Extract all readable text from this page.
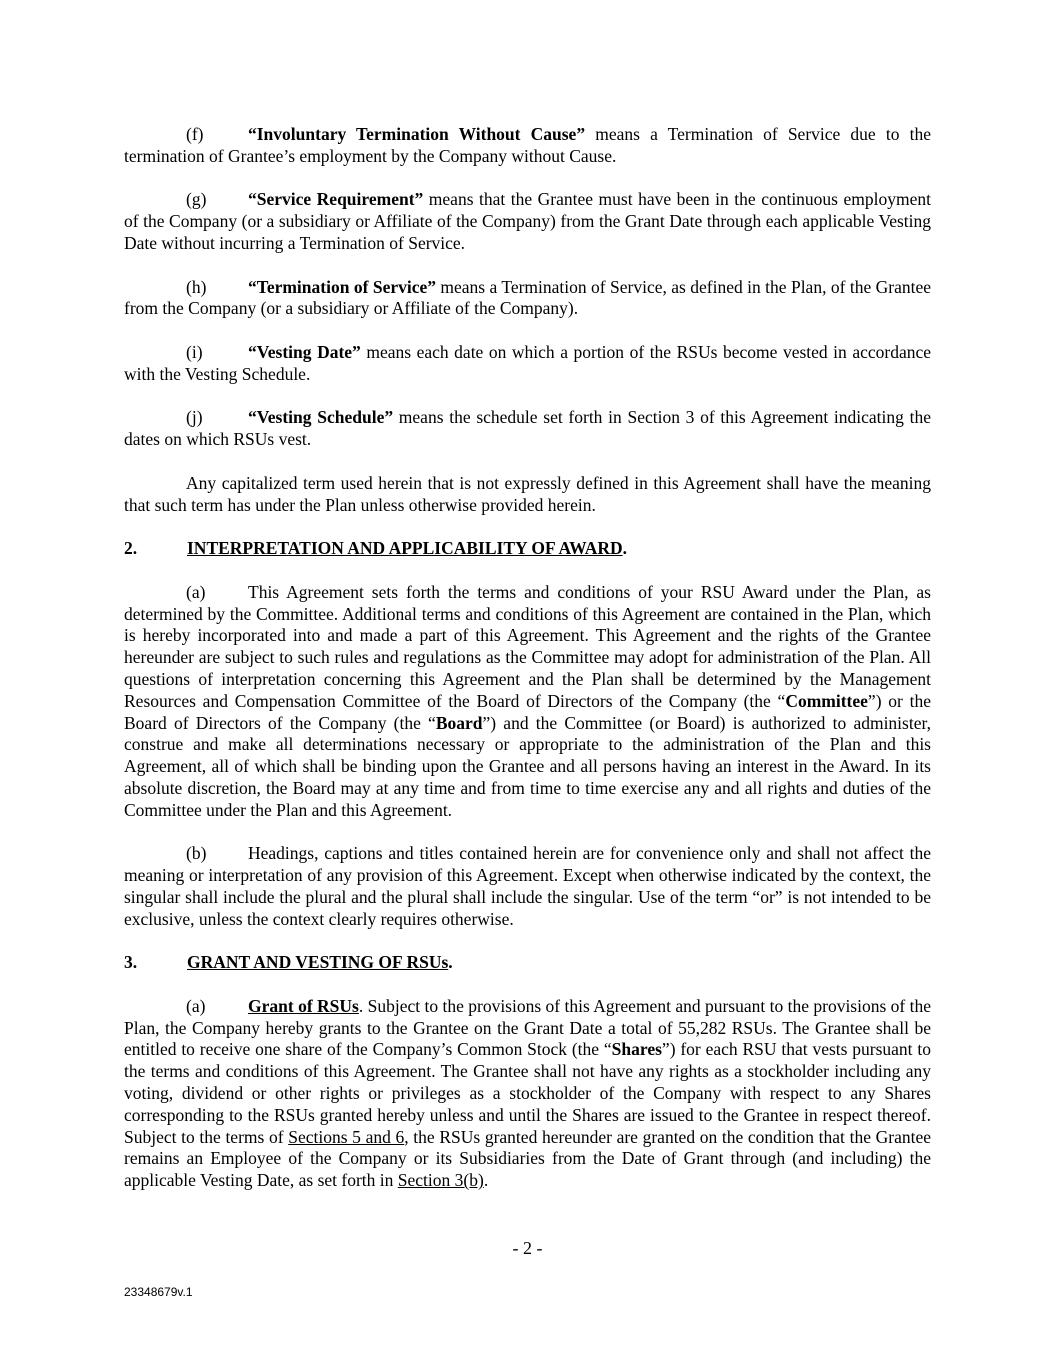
(f)	“Involuntary Termination Without Cause” means a Termination of Service due to the termination of Grantee’s employment by the Company without Cause.

(g) “Service Requirement” means that the Grantee must have been in the continuous employment of the Company (or a subsidiary or Affiliate of the Company) from the Grant Date through each applicable Vesting Date without incurring a Termination of Service.

(h) “Termination of Service” means a Termination of Service, as defined in the Plan, of the Grantee from the Company (or a subsidiary or Affiliate of the Company).

(i)	“Vesting Date” means each date on which a portion of the RSUs become vested in accordance with the Vesting Schedule.

(j)	“Vesting Schedule” means the schedule set forth in Section 3 of this Agreement indicating the dates on which RSUs vest.

Any capitalized term used herein that is not expressly defined in this Agreement shall have the meaning that such term has under the Plan unless otherwise provided herein.

2.	INTERPRETATION AND APPLICABILITY OF AWARD.

(a) This Agreement sets forth the terms and conditions of your RSU Award under the Plan, as determined by the Committee. Additional terms and conditions of this Agreement are contained in the Plan, which is hereby incorporated into and made a part of this Agreement. This Agreement and the rights of the Grantee hereunder are subject to such rules and regulations as the Committee may adopt for administration of the Plan. All questions of interpretation concerning this Agreement and the Plan shall be determined by the Management Resources and Compensation Committee of the Board of Directors of the Company (the “Committee”) or the Board of Directors of the Company (the “Board”) and the Committee (or Board) is authorized to administer, construe and make all determinations necessary or appropriate to the administration of the Plan and this Agreement, all of which shall be binding upon the Grantee and all persons having an interest in the Award. In its absolute discretion, the Board may at any time and from time to time exercise any and all rights and duties of the Committee under the Plan and this Agreement.

(b) Headings, captions and titles contained herein are for convenience only and shall not affect the meaning or interpretation of any provision of this Agreement. Except when otherwise indicated by the context, the singular shall include the plural and the plural shall include the singular. Use of the term “or” is not intended to be exclusive, unless the context clearly requires otherwise.

3.	GRANT AND VESTING OF RSUs.

(a) Grant of RSUs. Subject to the provisions of this Agreement and pursuant to the provisions of the Plan, the Company hereby grants to the Grantee on the Grant Date a total of 55,282 RSUs. The Grantee shall be entitled to receive one share of the Company’s Common Stock (the “Shares”) for each RSU that vests pursuant to the terms and conditions of this Agreement. The Grantee shall not have any rights as a stockholder including any voting, dividend or other rights or privileges as a stockholder of the Company with respect to any Shares corresponding to the RSUs granted hereby unless and until the Shares are issued to the Grantee in respect thereof. Subject to the terms of Sections 5 and 6, the RSUs granted hereunder are granted on the condition that the Grantee remains an Employee of the Company or its Subsidiaries from the Date of Grant through (and including) the applicable Vesting Date, as set forth in Section 3(b).

- 2 -
23348679v.1
